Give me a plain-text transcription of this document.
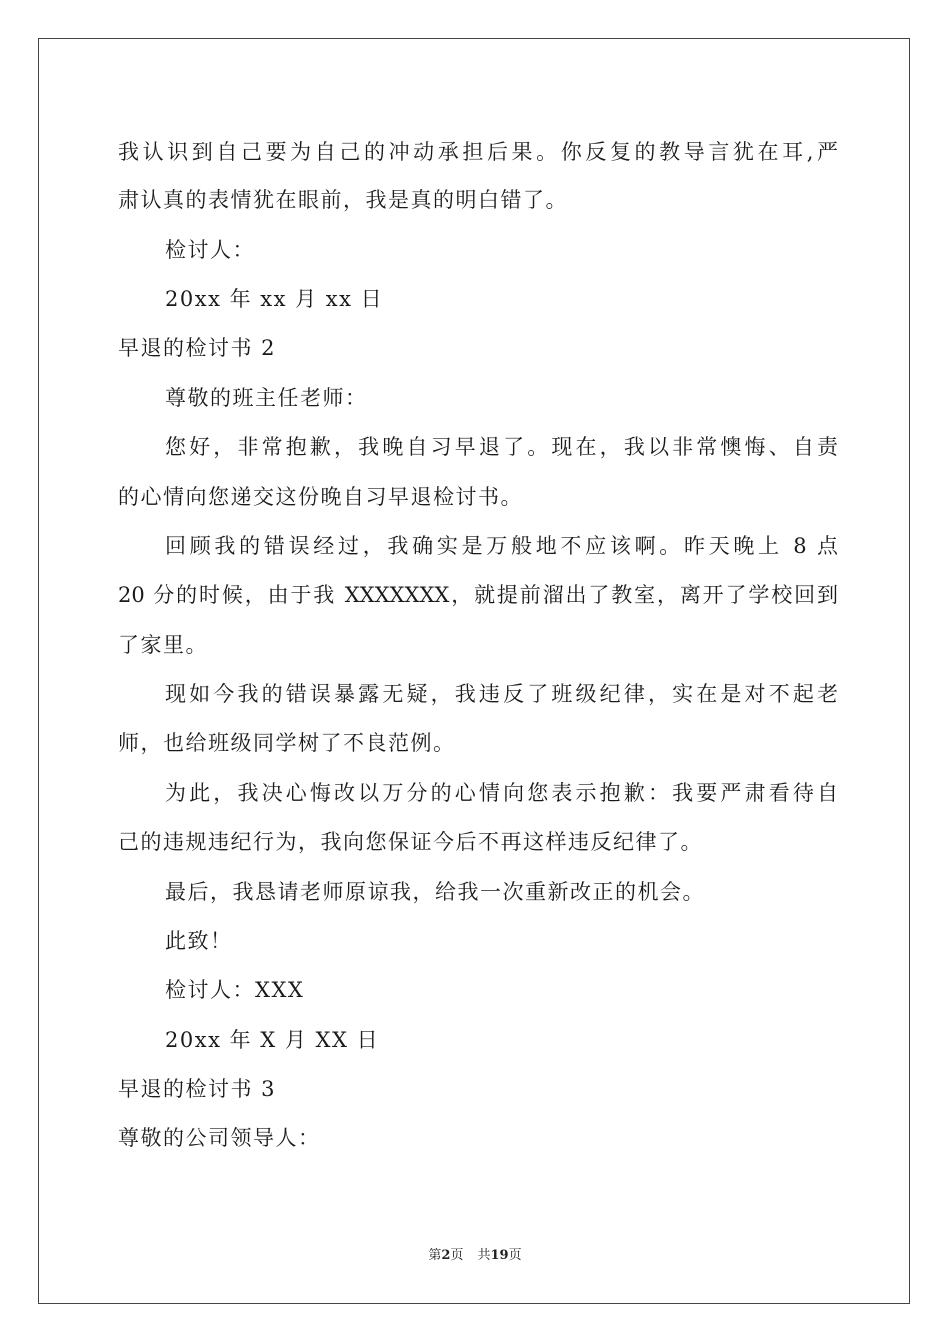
我认识到自己要为自己的冲动承担后果。你反复的教导言犹在耳,严
肃认真的表情犹在眼前，我是真的明白错了。
检讨人：
20xx 年 xx 月 xx 日
早退的检讨书 2
尊敬的班主任老师：
您好，非常抱歉，我晚自习早退了。现在，我以非常懊悔、自责
的心情向您递交这份晚自习早退检讨书。
回顾我的错误经过，我确实是万般地不应该啊。昨天晚上 8 点
20 分的时候，由于我 XXXXXXX，就提前溜出了教室，离开了学校回到
了家里。
现如今我的错误暴露无疑，我违反了班级纪律，实在是对不起老
师，也给班级同学树了不良范例。
为此，我决心悔改以万分的心情向您表示抱歉：我要严肃看待自
己的违规违纪行为，我向您保证今后不再这样违反纪律了。
最后，我恳请老师原谅我，给我一次重新改正的机会。
此致！
检讨人：XXX
20xx 年 X 月 XX 日
早退的检讨书 3
尊敬的公司领导人：
第2页 共19页
